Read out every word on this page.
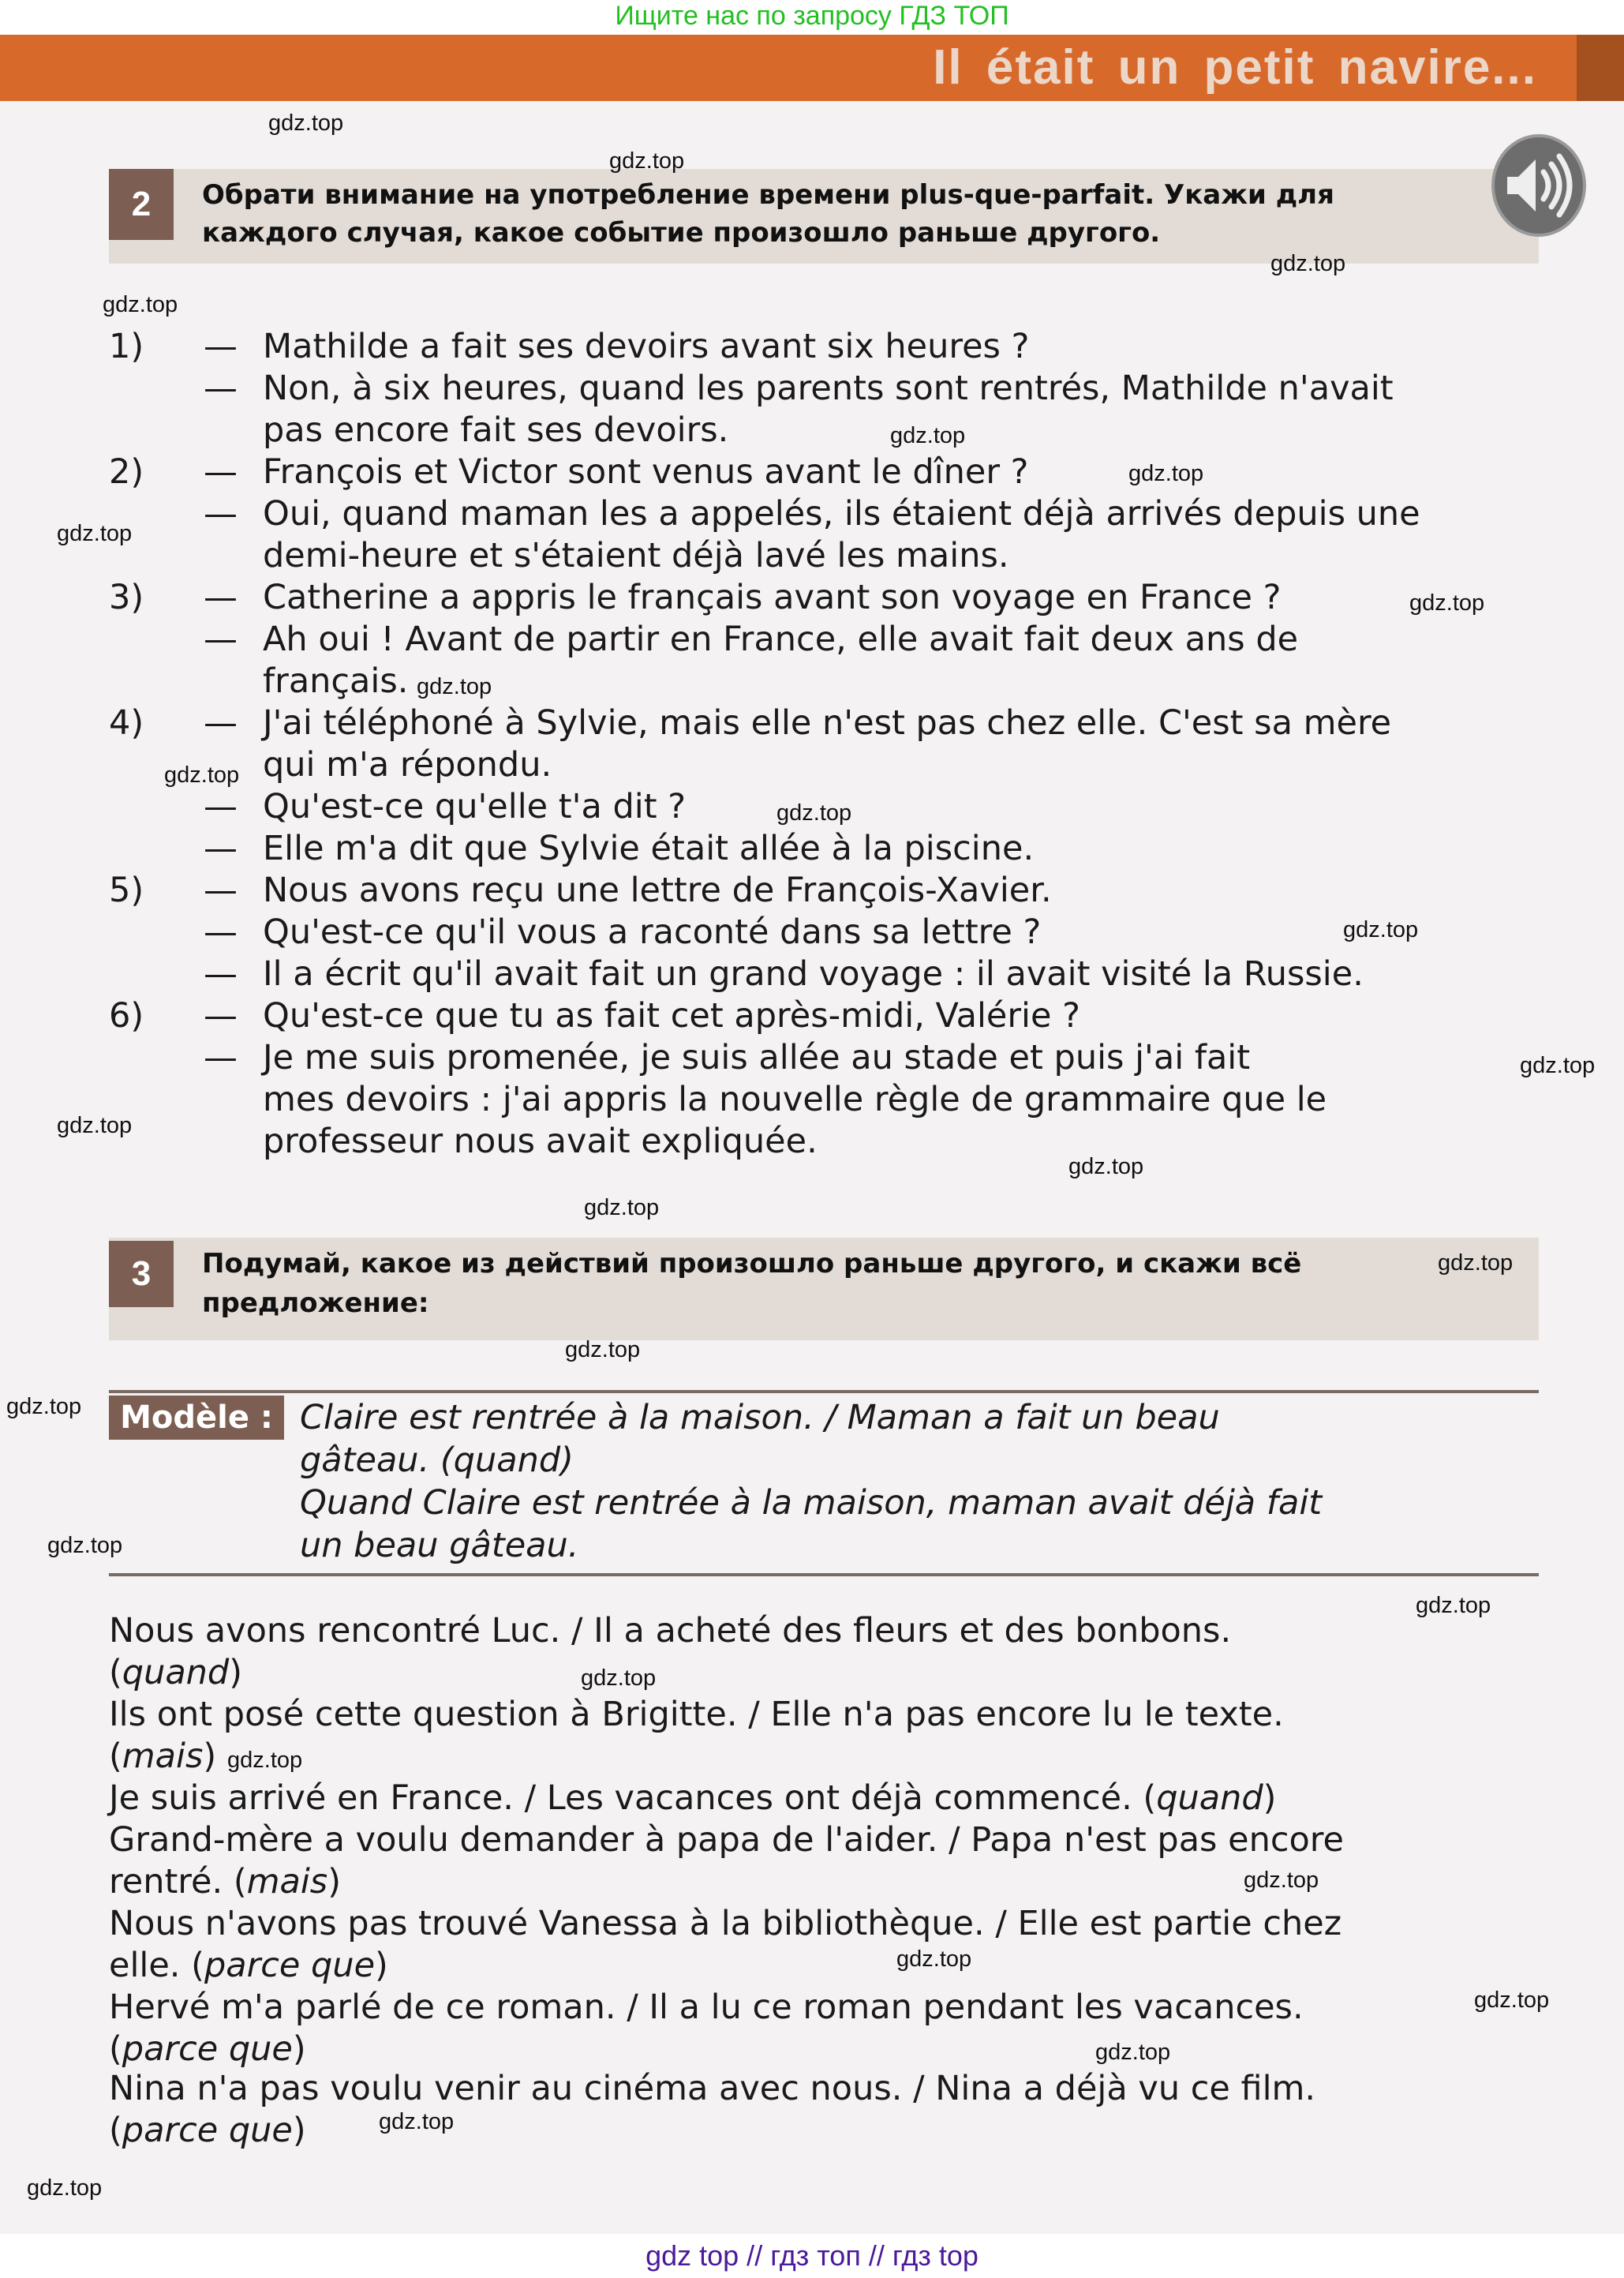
Ищите нас по запросу ГДЗ ТОП
Il était un petit navire...
2	Обрати внимание на употребление времени plus-que-parfait. Укажи для
каждого случая, какое событие произошло раньше другого.
1) — Mathilde a fait ses devoirs avant six heures ?
— Non, à six heures, quand les parents sont rentrés, Mathilde n'avait
pas encore fait ses devoirs.
2) — François et Victor sont venus avant le dîner ?
— Oui, quand maman les a appelés, ils étaient déjà arrivés depuis une
demi-heure et s'étaient déjà lavé les mains.
3) — Catherine a appris le français avant son voyage en France ?
— Ah oui ! Avant de partir en France, elle avait fait deux ans de
français.
4) — J'ai téléphoné à Sylvie, mais elle n'est pas chez elle. C'est sa mère
qui m'a répondu.
— Qu'est-ce qu'elle t'a dit ?
— Elle m'a dit que Sylvie était allée à la piscine.
5) — Nous avons reçu une lettre de François-Xavier.
— Qu'est-ce qu'il vous a raconté dans sa lettre ?
— Il a écrit qu'il avait fait un grand voyage : il avait visité la Russie.
6) — Qu'est-ce que tu as fait cet après-midi, Valérie ?
— Je me suis promenée, je suis allée au stade et puis j'ai fait
mes devoirs : j'ai appris la nouvelle règle de grammaire que le
professeur nous avait expliquée.
3	Подумай, какое из действий произошло раньше другого, и скажи всё
предложение:
Modèle : Claire est rentrée à la maison. / Maman a fait un beau
gâteau. (quand)
Quand Claire est rentrée à la maison, maman avait déjà fait
un beau gâteau.
Nous avons rencontré Luc. / Il a acheté des fleurs et des bonbons.
(quand)
Ils ont posé cette question à Brigitte. / Elle n'a pas encore lu le texte.
(mais)
Je suis arrivé en France. / Les vacances ont déjà commencé. (quand)
Grand-mère a voulu demander à papa de l'aider. / Papa n'est pas encore
rentré. (mais)
Nous n'avons pas trouvé Vanessa à la bibliothèque. / Elle est partie chez
elle. (parce que)
Hervé m'a parlé de ce roman. / Il a lu ce roman pendant les vacances.
(parce que)
Nina n'a pas voulu venir au cinéma avec nous. / Nina a déjà vu ce film.
(parce que)
gdz.top
gdz.top
gdz.top
gdz.top
gdz.top
gdz.top
gdz.top
gdz.top
gdz.top
gdz.top
gdz.top
gdz.top
gdz.top
gdz.top
gdz.top
gdz.top
gdz.top
gdz.top
gdz.top
gdz.top
gdz.top
gdz.top
gdz.top
gdz.top
gdz.top
gdz.top
gdz.top
gdz.top
gdz.top
gdz top // гдз топ // гдз top
